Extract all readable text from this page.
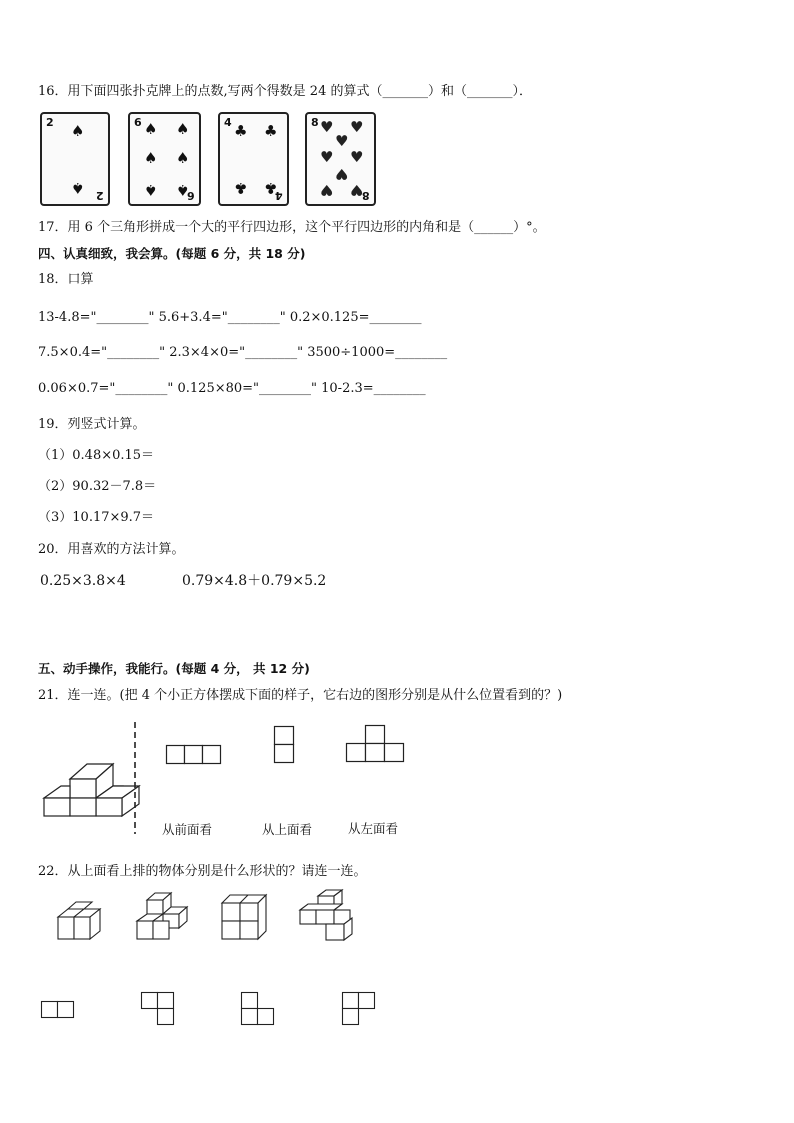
16．用下面四张扑克牌上的点数,写两个得数是 24 的算式（_______）和（_______）．
2
2
♠
♠
6
6
♠ ♠
♠ ♠
♠ ♠
4
4
♣ ♣
♣ ♣
8
8
♥ ♥
♥
♥ ♥
♥
♥ ♥
17．用 6 个三角形拼成一个大的平行四边形，这个平行四边形的内角和是（______）°。
四、认真细致，我会算。(每题 6 分，共 18 分)
18．口算
13-4.8="________" 5.6+3.4="________" 0.2×0.125=________
7.5×0.4="________" 2.3×4×0="________" 3500÷1000=________
0.06×0.7="________" 0.125×80="________" 10-2.3=________
19．列竖式计算。
（1）0.48×0.15＝
（2）90.32－7.8＝
（3）10.17×9.7＝
20．用喜欢的方法计算。
0.25×3.8×4	0.79×4.8＋0.79×5.2
五、动手操作，我能行。(每题 4 分， 共 12 分)
21．连一连。(把 4 个小正方体摆成下面的样子，它右边的图形分别是从什么位置看到的？)
从前面看	从上面看	从左面看
22．从上面看上排的物体分别是什么形状的？请连一连。
